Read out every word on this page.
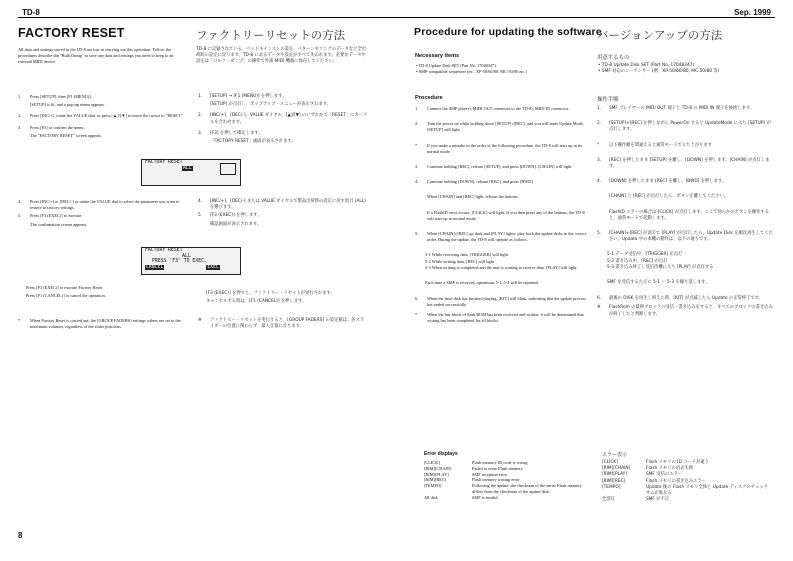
TD-8	Sep. 1999
FACTORY RESET	ファクトリーリセットの方法
All data and settings stored in the TD-8 are lost in carrying out this operation. Follow the procedures describe din "Bulk Dump" to save any data and settings you need to keep to an external MIDI device.
TD-8 に記録されている、ベッドキインストの設定、パターンやソングのデータなど全出荷時の設定に戻ります。TD-8 にあるデータや設定がすべて失われます。必要なデータや設定は「バルク・ダンプ」の操作で外部 MIDI 機器に保存してください。
1.	Press [SETUP], then [F1 (MENU)].
[SETUP] is lit, and a pop-up menu appears.
2.	Press [INC/+], rotate the VALUE dial, or press [▲]/[▼] to move the cursor to "RESET."
3.	Press [F3] to confirm the menu.
The "FACTORY RESET" screen appears.
1.	[SETUP] → [F1 (MENU)] を押します。
[SETUP] が点灯し、ポップアップ・メニューが表示されます。
2.	[INC/+]、[DEC/-]、VALUE ダイヤル、[▲]/[▼] のいずれかで「RESET」にカーソルを合わせます。
3.	[F3] を押して確定します。
「FACTORY RESET」画面が表示されます。
FACTORY RESET
ALL
4.	Press [INC/+] or [DEC/-] or rotate the VALUE dial to select the parameter you want to restore to factory settings.
5.	Press [F3 (EXEC)] to execute.
The confirmation screen appears.
4.	[INC/+]、[DEC/-] または VALUE ダイヤルで製品出荷時の設定に戻す項目 (ALL) を選びます。
5.	[F3 (EXEC)] を押します。
確認画面が表示されます。
FACTORY RESET
ALL
PRESS 'F3' TO EXEC.
CANCEL	EXEC
Press [F3 (EXEC)] to execute Factory Reset.
Press [F1 (CANCEL)] to cancel the operation.	[F3 (EXEC)] を押すと、ファクトリー・リセットが実行されます。
キャンセルする時は、[F1 (CANCEL)] を押します。
*	When Factory Reset is carried out, the [GROUP FADERS] settings values are set to the maximum volumes, regardless of the slider positions.
※	ファクトリー・リセットを実行すると、[GROUP FADERS] の設定値は、各スライダーの位置に関わらず、最大音量になります。
8
Procedure for updating the software
バージョンアップの方法
Necessary items	用意するもの
• TD-8 Update Disk SET (Part No. 17048347)
• SMF-compatible sequencer (ex.: XP-50/60/80, MC-50/80 etc.)
• TD-8 Update Disk SET (Part No. 17048347)
• SMF 対応のシーケンサー (例：XP-50/60/80, MC-50/80 等)
Procedure	操作手順
1.	Connect the SMF player's MIDI OUT connector to the TD-8's MIDI IN connector.
2.	Turn the power on while holding down [SETUP]+[REC], and you will enter Update Mode. [SETUP] will light.
*	If you make a mistake in the order of the following procedure, the TD-8 will start up in its normal mode.
3.	Continue holding [REC], release [SETUP], and press [DOWN]. [CHAIN] will light.
4.	Continue holding [DOWN], release [REC], and press [BWD].
When [CHAIN] and [REC] light, release the buttons.
If a FlashID error occurs, [CLICK] will light. If you then press any of the buttons, the TD-8 will start up in normal mode.
5.	When [CHAIN]+[REC] go dark and [PLAY] lights, play back the update disks in the correct order. During the update, the TD-8 will operate as follows.
5-1 While receiving data, [TRIGGER] will light.
5-2 While writing data, [REC] will light.
5-3 When writing is completed and the unit is waiting to receive data, [PLAY] will light.
Each time a SMF is received, operations 5-1–5-3 will be repeated.
6.	When the final disk has finished playing, [KIT] will blink, indicating that the update process has ended successfully.
*	When the last block of flash ROM has been received and written, it will be determined that writing has been completed for all blocks.
1.	SMF プレイヤーの MIDI OUT 端子と TD-8 の MIDI IN 端子を接続します。
2.	[SETUP]+[REC] を押しながら PowerOn すると UpdateMode に入り [SETUP] が点灯します。
*	以下操作順を間違えると通常モードで立ち上がります
3.	[REC] を押したまま [SETUP] を離し、[DOWN] を押します。[CHAIN] が点灯します。
4.	[DOWN] を押したまま [REC] を離し、[BWD] を押します。
[CHAIN] と [REC] が点灯したら、ボタンを離してください。
FlashID エラーの場合は [CLICK] が点灯します。ここで何らかのボタンを操作すると、通常モードで起動します。
5.	[CHAIN]+[REC] が消えて [PLAY] が点灯したら、Update Disk を順次再生してください。Update 中の本機の動作は、以下の通りです。
5-1 データ受信中、[TRIGGER] が点灯
5-2 書き込み中、[REC] が点灯
5-3 書き込み終了し受信待機に入り [PLAY] が点灯する
SMF を受信するたびに 5-1 ～ 5-3 を繰り返します。
6.	最後の DISK を再生し終えた時、[KIT] が点滅したら Update の正常終了です。
※	FlashRom の最終ブロックの受信・書き込みをすると、すべてのブロックの書き込みが終了したと判断します。
Error displays
[CLICK]	Flash memory ID code is wrong
[RIM][CHAIN]	Failed to erase Flash memory
[RIM][PLAY]	SMF reception error
[RIM][REC]	Flash memory writing error
[TEMPO]	Following the update, the checksum of the entire Flash memory differs from the checksum of the update disk.
All disk	SMF is invalid
エラー表示
[CLICK]	Flash メモリの ID コードが違う
[RIM][CHAIN]	Flash メモリの消去失敗
[RIM][PLAY]	SMF 受信のエラー
[RIM][REC]	Flash メモリの書き込みエラー
[TEMPO]	Update 後の Flash メモリ全体と Update ディスクのチェックサムが異なる
全消灯	SMF が不正
